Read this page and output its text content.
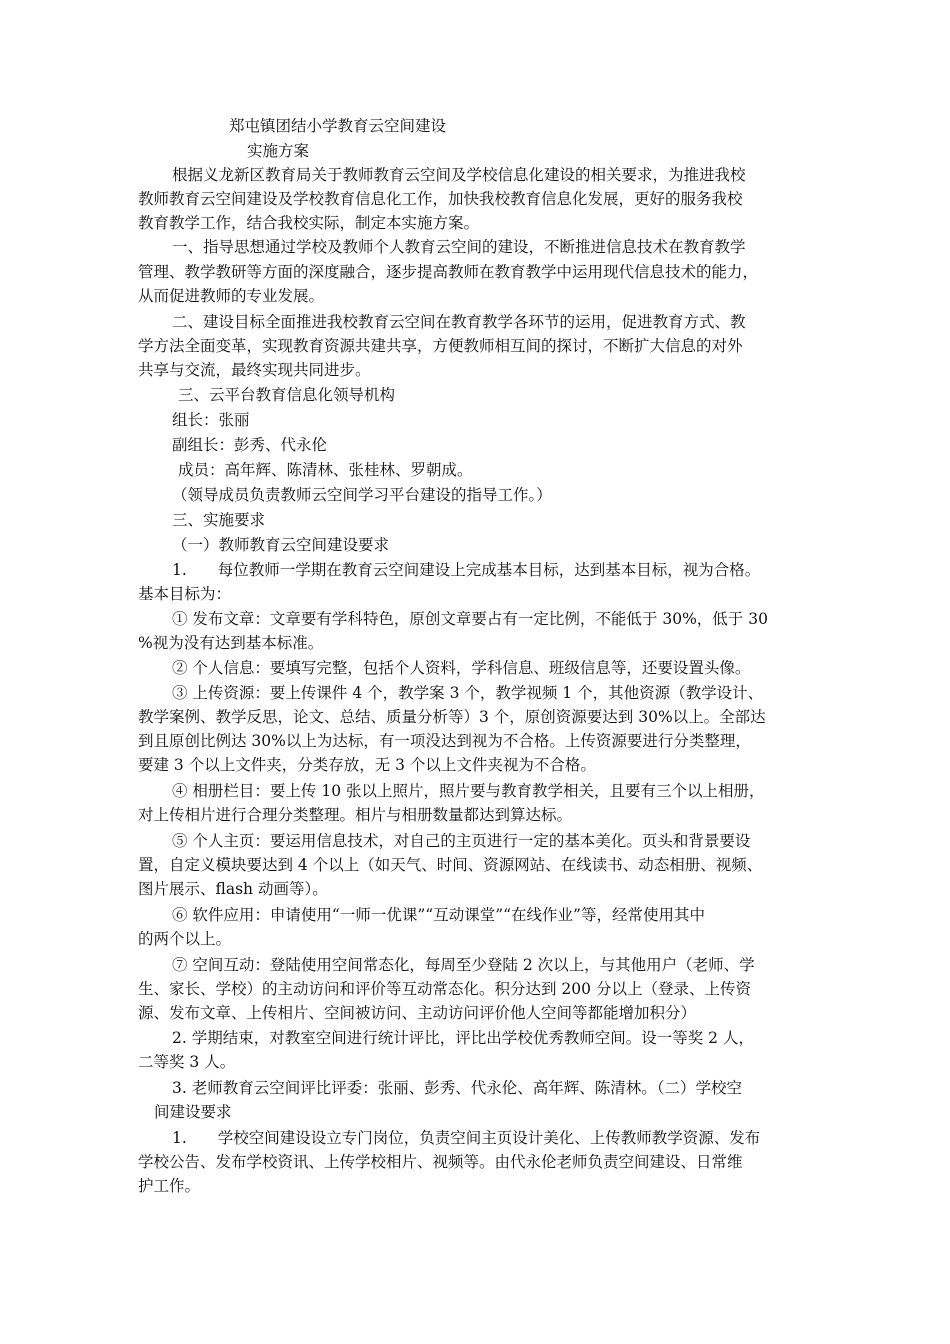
郑屯镇团结小学教育云空间建设
实施方案
根据义龙新区教育局关于教师教育云空间及学校信息化建设的相关要求，为推进我校
教师教育云空间建设及学校教育信息化工作，加快我校教育信息化发展，更好的服务我校
教育教学工作，结合我校实际，制定本实施方案。
一、指导思想通过学校及教师个人教育云空间的建设，不断推进信息技术在教育教学
管理、教学教研等方面的深度融合，逐步提高教师在教育教学中运用现代信息技术的能力，
从而促进教师的专业发展。
二、建设目标全面推进我校教育云空间在教育教学各环节的运用，促进教育方式、教
学方法全面变革，实现教育资源共建共享，方便教师相互间的探讨，不断扩大信息的对外
共享与交流，最终实现共同进步。
三、云平台教育信息化领导机构
组长：张丽
副组长：彭秀、代永伦
成员：高年辉、陈清林、张桂林、罗朝成。
（领导成员负责教师云空间学习平台建设的指导工作。）
三、实施要求
（一）教师教育云空间建设要求
1.　　每位教师一学期在教育云空间建设上完成基本目标，达到基本目标，视为合格。
基本目标为：
① 发布文章：文章要有学科特色，原创文章要占有一定比例，不能低于 30%，低于 30
%视为没有达到基本标准。
② 个人信息：要填写完整，包括个人资料，学科信息、班级信息等，还要设置头像。
③ 上传资源：要上传课件 4 个，教学案 3 个，教学视频 1 个，其他资源（教学设计、
教学案例、教学反思，论文、总结、质量分析等）3 个，原创资源要达到 30%以上。全部达
到且原创比例达 30%以上为达标，有一项没达到视为不合格。上传资源要进行分类整理，
要建 3 个以上文件夹，分类存放，无 3 个以上文件夹视为不合格。
④ 相册栏目：要上传 10 张以上照片，照片要与教育教学相关，且要有三个以上相册，
对上传相片进行合理分类整理。相片与相册数量都达到算达标。
⑤ 个人主页：要运用信息技术，对自己的主页进行一定的基本美化。页头和背景要设
置，自定义模块要达到 4 个以上（如天气、时间、资源网站、在线读书、动态相册、视频、
图片展示、flash 动画等）。
⑥ 软件应用：申请使用“一师一优课”“互动课堂”“在线作业”等，经常使用其中
的两个以上。
⑦ 空间互动：登陆使用空间常态化，每周至少登陆 2 次以上，与其他用户（老师、学
生、家长、学校）的主动访问和评价等互动常态化。积分达到 200 分以上（登录、上传资
源、发布文章、上传相片、空间被访问、主动访问评价他人空间等都能增加积分）
2. 学期结束，对教室空间进行统计评比，评比出学校优秀教师空间。设一等奖 2 人，
二等奖 3 人。
3. 老师教育云空间评比评委：张丽、彭秀、代永伦、高年辉、陈清林。（二）学校空
间建设要求
1.　　学校空间建设设立专门岗位，负责空间主页设计美化、上传教师教学资源、发布
学校公告、发布学校资讯、上传学校相片、视频等。由代永伦老师负责空间建设、日常维
护工作。
